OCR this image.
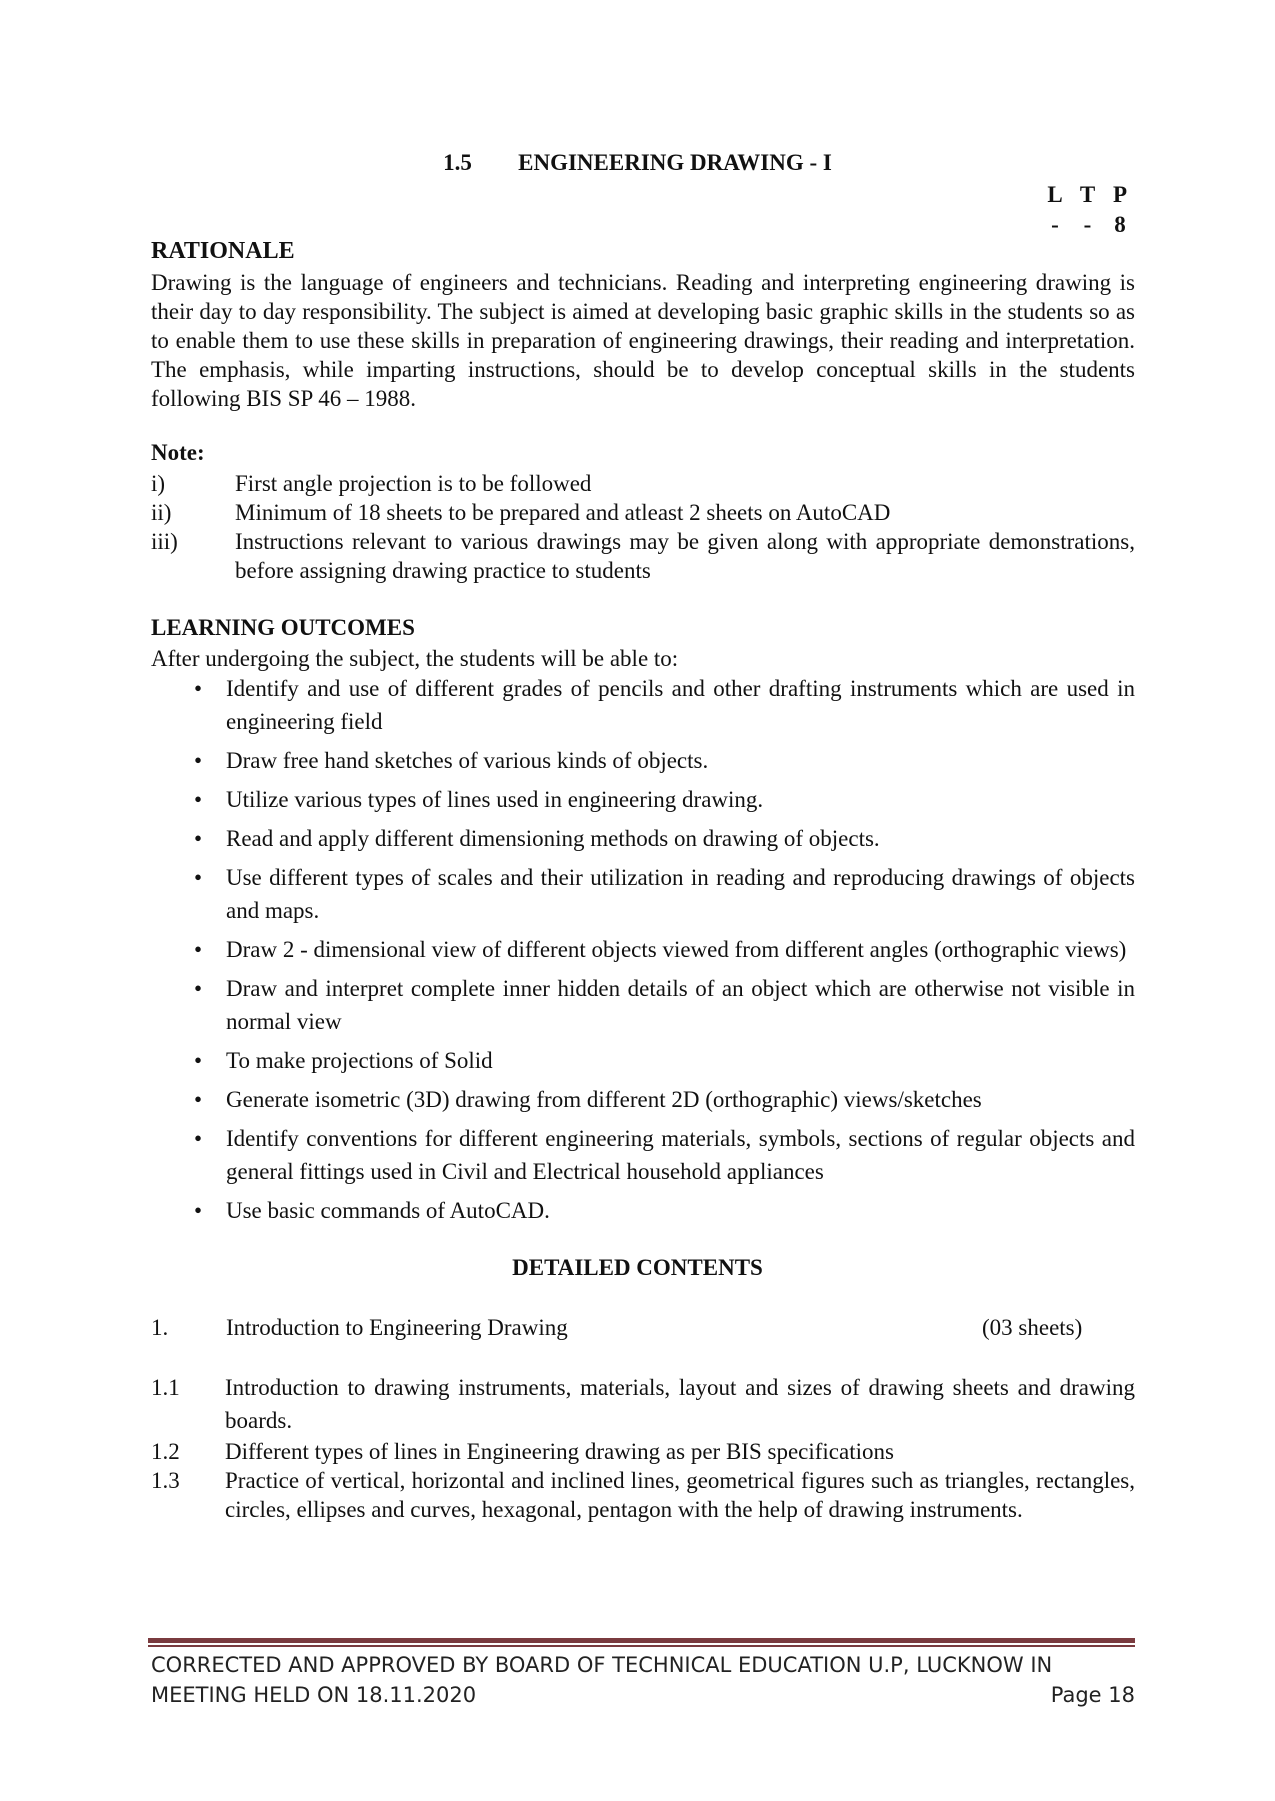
1.5 ENGINEERING DRAWING - I
L T P
-	- 8
RATIONALE
Drawing is the language of engineers and technicians. Reading and interpreting engineering drawing is their day to day responsibility. The subject is aimed at developing basic graphic skills in the students so as to enable them to use these skills in preparation of engineering drawings, their reading and interpretation. The emphasis, while imparting instructions, should be to develop conceptual skills in the students following BIS SP 46 – 1988.
Note:
i)	First angle projection is to be followed
ii)	Minimum of 18 sheets to be prepared and atleast 2 sheets on AutoCAD
iii)	Instructions relevant to various drawings may be given along with appropriate demonstrations, before assigning drawing practice to students
LEARNING OUTCOMES
After undergoing the subject, the students will be able to:
• Identify and use of different grades of pencils and other drafting instruments which are used in engineering field
• Draw free hand sketches of various kinds of objects.
• Utilize various types of lines used in engineering drawing.
• Read and apply different dimensioning methods on drawing of objects.
• Use different types of scales and their utilization in reading and reproducing drawings of objects and maps.
• Draw 2 - dimensional view of different objects viewed from different angles (orthographic views)
• Draw and interpret complete inner hidden details of an object which are otherwise not visible in normal view
• To make projections of Solid
• Generate isometric (3D) drawing from different 2D (orthographic) views/sketches
• Identify conventions for different engineering materials, symbols, sections of regular objects and general fittings used in Civil and Electrical household appliances
• Use basic commands of AutoCAD.
DETAILED CONTENTS
1.	Introduction to Engineering Drawing	(03 sheets)
1.1	Introduction to drawing instruments, materials, layout and sizes of drawing sheets and drawing boards.
1.2	Different types of lines in Engineering drawing as per BIS specifications
1.3	Practice of vertical, horizontal and inclined lines, geometrical figures such as triangles, rectangles, circles, ellipses and curves, hexagonal, pentagon with the help of drawing instruments.
CORRECTED AND APPROVED BY BOARD OF TECHNICAL EDUCATION U.P, LUCKNOW IN
MEETING HELD ON 18.11.2020	Page 18
